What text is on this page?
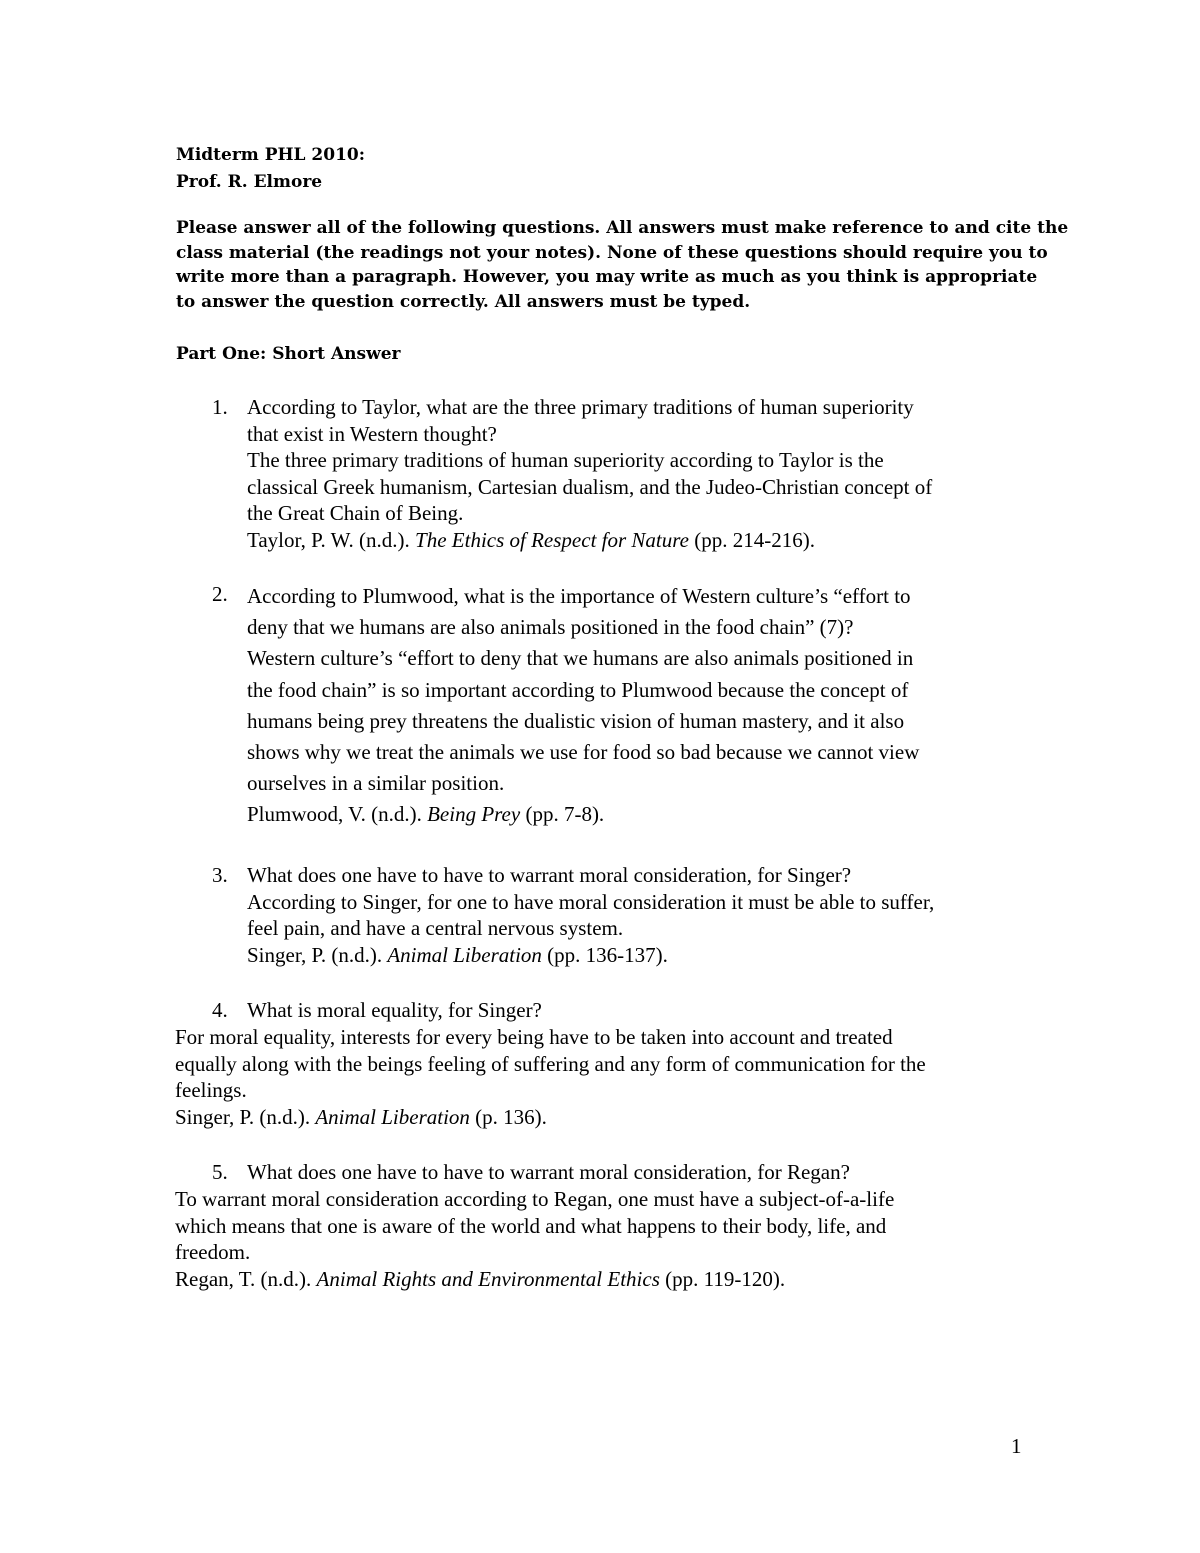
Midterm PHL 2010:
Prof. R. Elmore
Please answer all of the following questions. All answers must make reference to and cite the
class material (the readings not your notes). None of these questions should require you to
write more than a paragraph. However, you may write as much as you think is appropriate
to answer the question correctly. All answers must be typed.
Part One: Short Answer
1. According to Taylor, what are the three primary traditions of human superiority
that exist in Western thought?
The three primary traditions of human superiority according to Taylor is the
classical Greek humanism, Cartesian dualism, and the Judeo-Christian concept of
the Great Chain of Being.
Taylor, P. W. (n.d.). The Ethics of Respect for Nature (pp. 214-216).
2. According to Plumwood, what is the importance of Western culture’s “effort to
deny that we humans are also animals positioned in the food chain” (7)?
Western culture’s “effort to deny that we humans are also animals positioned in
the food chain” is so important according to Plumwood because the concept of
humans being prey threatens the dualistic vision of human mastery, and it also
shows why we treat the animals we use for food so bad because we cannot view
ourselves in a similar position.
Plumwood, V. (n.d.). Being Prey (pp. 7-8).
3. What does one have to have to warrant moral consideration, for Singer?
According to Singer, for one to have moral consideration it must be able to suffer,
feel pain, and have a central nervous system.
Singer, P. (n.d.). Animal Liberation (pp. 136-137).
4. What is moral equality, for Singer?
For moral equality, interests for every being have to be taken into account and treated
equally along with the beings feeling of suffering and any form of communication for the
feelings.
Singer, P. (n.d.). Animal Liberation (p. 136).
5. What does one have to have to warrant moral consideration, for Regan?
To warrant moral consideration according to Regan, one must have a subject-of-a-life
which means that one is aware of the world and what happens to their body, life, and
freedom.
Regan, T. (n.d.). Animal Rights and Environmental Ethics (pp. 119-120).
1
